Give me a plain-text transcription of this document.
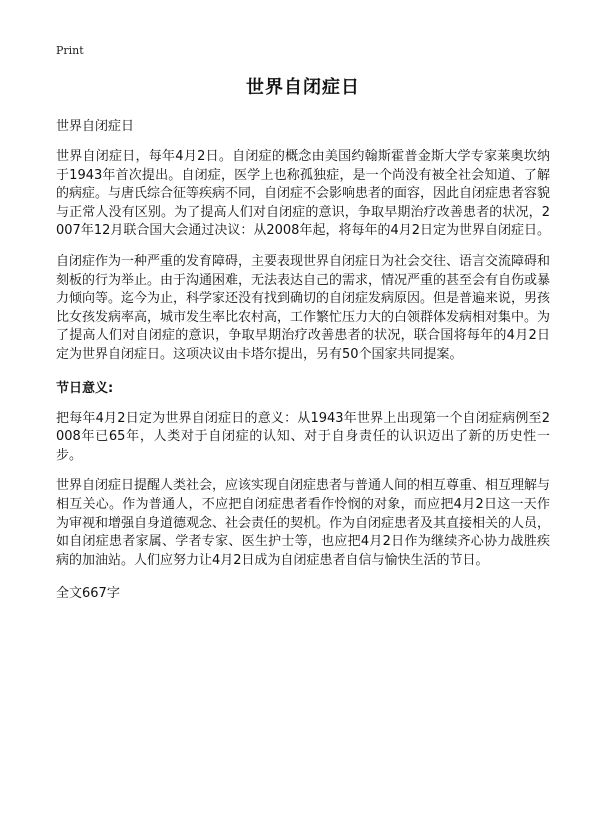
Print
世界自闭症日
世界自闭症日

世界自闭症日，每年4月2日。自闭症的概念由美国约翰斯霍普金斯大学专家莱奥坎纳于1943年首次提出。自闭症，医学上也称孤独症，是一个尚没有被全社会知道、了解的病症。与唐氏综合征等疾病不同，自闭症不会影响患者的面容，因此自闭症患者容貌与正常人没有区别。为了提高人们对自闭症的意识，争取早期治疗改善患者的状况，2007年12月联合国大会通过决议：从2008年起，将每年的4月2日定为世界自闭症日。

自闭症作为一种严重的发育障碍，主要表现世界自闭症日为社会交往、语言交流障碍和刻板的行为举止。由于沟通困难，无法表达自己的需求，情况严重的甚至会有自伤或暴力倾向等。迄今为止，科学家还没有找到确切的自闭症发病原因。但是普遍来说，男孩比女孩发病率高，城市发生率比农村高，工作繁忙压力大的白领群体发病相对集中。为了提高人们对自闭症的意识，争取早期治疗改善患者的状况，联合国将每年的4月2日定为世界自闭症日。这项决议由卡塔尔提出，另有50个国家共同提案。

节日意义:

把每年4月2日定为世界自闭症日的意义：从1943年世界上出现第一个自闭症病例至2008年已65年，人类对于自闭症的认知、对于自身责任的认识迈出了新的历史性一步。

世界自闭症日提醒人类社会，应该实现自闭症患者与普通人间的相互尊重、相互理解与相互关心。作为普通人，不应把自闭症患者看作怜悯的对象，而应把4月2日这一天作为审视和增强自身道德观念、社会责任的契机。作为自闭症患者及其直接相关的人员，如自闭症患者家属、学者专家、医生护士等，也应把4月2日作为继续齐心协力战胜疾病的加油站。人们应努力让4月2日成为自闭症患者自信与愉快生活的节日。

全文667字
